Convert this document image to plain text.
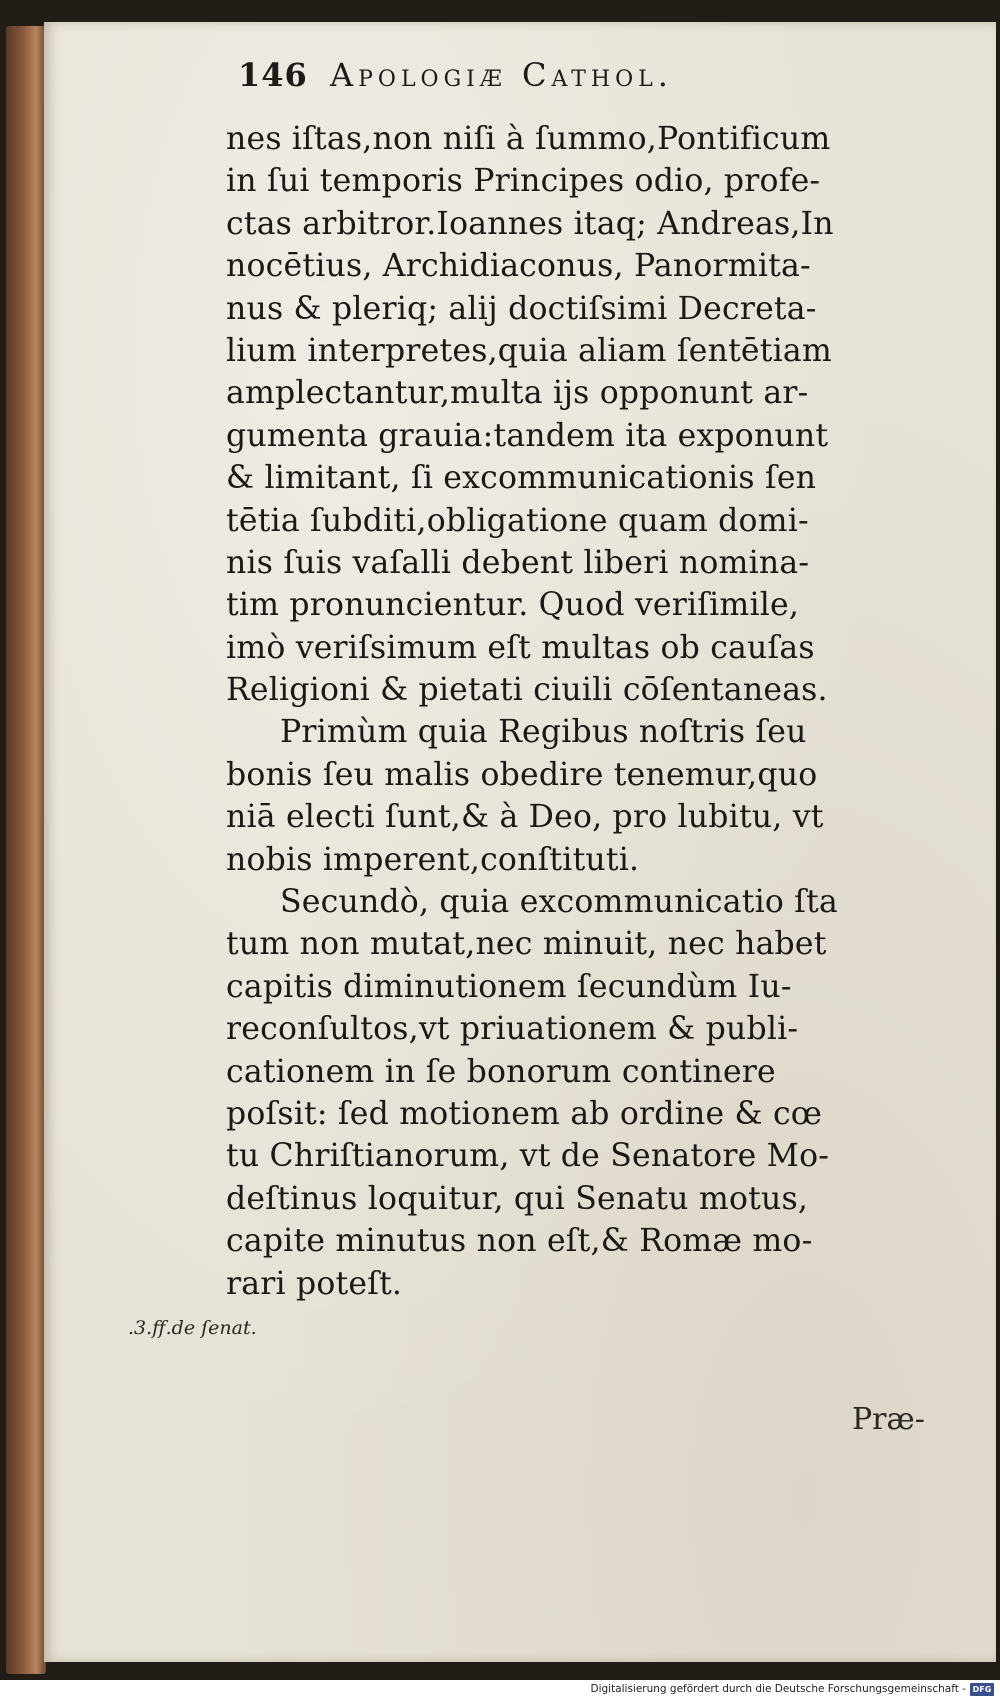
146 Apologiæ Cathol.
nes iſtas,non niſi à ſummo,Pontificum
in ſui temporis Principes odio, profe-
ctas arbitror.Ioannes itaq; Andreas,In
nocētius, Archidiaconus, Panormita-
nus & pleriq; alij doctiſsimi Decreta-
lium interpretes,quia aliam ſentētiam
amplectantur,multa ijs opponunt ar-
gumenta grauia:tandem ita exponunt
& limitant, ſi excommunicationis ſen
tētia ſubditi,obligatione quam domi-
nis ſuis vaſalli debent liberi nomina-
tim pronuncientur. Quod veriſimile,
imò veriſsimum eſt multas ob cauſas
Religioni & pietati ciuili cōſentaneas.
Primùm quia Regibus noſtris ſeu
bonis ſeu malis obedire tenemur,quo
niā electi ſunt,& à Deo, pro lubitu, vt
nobis imperent,conſtituti.
Secundò, quia excommunicatio ſta
tum non mutat,nec minuit, nec habet
capitis diminutionem ſecundùm Iu-
reconſultos,vt priuationem & publi-
cationem in ſe bonorum continere
poſsit: ſed motionem ab ordine & cœ
tu Chriſtianorum, vt de Senatore Mo-
deſtinus loquitur, qui Senatu motus,
capite minutus non eſt,& Romæ mo-
rari poteſt.
.3.ff.de ſenat.
Præ-
Digitalisierung gefördert durch die Deutsche Forschungsgemeinschaft - DFG
